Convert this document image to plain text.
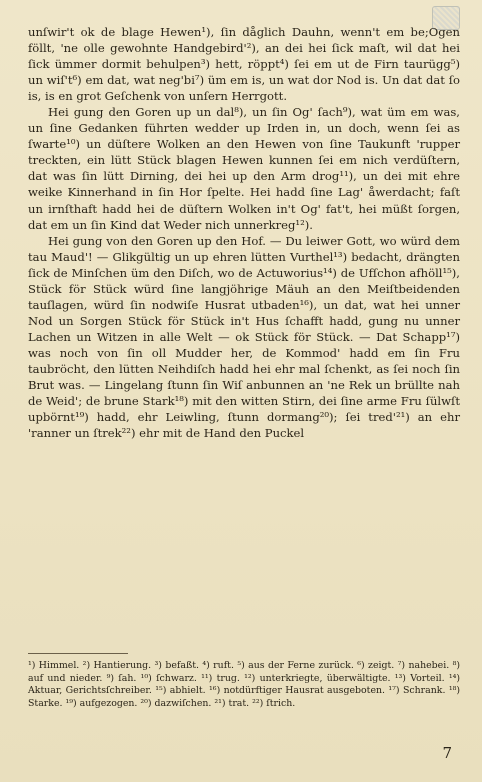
unſwir't ok de blage Hewen¹), ſin dåglich Dauhn, wenn't em be;Ogen föllt, 'ne olle gewohnte Handgebird'²), an dei hei ſick maſt, wil dat hei ſick ümmer dormit behulpen³) hett, röppt⁴) ſei em ut de Firn taurügg⁵) un wiſ't⁶) em dat, wat neg'bi⁷) üm em is, un wat dor Nod is. Un dat dat ſo is, is en grot Geſchenk von unſern Herrgott.

Hei gung den Goren up un dal⁸), un ſin Og' ſach⁹), wat üm em was, un ſine Gedanken führten wedder up Irden in, un doch, wenn ſei as ſwarte¹⁰) un düſtere Wolken an den Hewen von ſine Taukunft 'rupper treckten, ein lütt Stück blagen Hewen kunnen ſei em nich verdüſtern, dat was ſin lütt Dirning, dei hei up den Arm drog¹¹), un dei mit ehre weike Kinnerhand in ſin Hor ſpelte. Hei hadd ſine Lag' åwerdacht; faſt un irnſthaft hadd hei de düſtern Wolken in't Og' fat't, hei müßt ſorgen, dat em un ſin Kind dat Weder nich unnerkreg¹²).

Hei gung von den Goren up den Hof. — Du leiwer Gott, wo würd dem tau Maud'! — Glikgültig un up ehren lütten Vurthel¹³) bedacht, drängten ſick de Minſchen üm den Diſch, wo de Actuworius¹⁴) de Ufſchon afhöll¹⁵), Stück för Stück würd ſine langjöhrige Mäuh an den Meiſtbeidenden tauſlagen, würd ſin nodwiſe Husrat utbaden¹⁶), un dat, wat hei unner Nod un Sorgen Stück för Stück in't Hus ſchafft hadd, gung nu unner Lachen un Witzen in alle Welt — ok Stück för Stück. — Dat Schapp¹⁷) was noch von ſin oll Mudder her, de Kommod' hadd em ſin Fru taubröcht, den lütten Neihdiſch hadd hei ehr mal ſchenkt, as ſei noch ſin Brut was. — Lingelang ſtunn ſin Wiſ anbunnen an 'ne Rek un brüllte nah de Weid'; de brune Stark¹⁸) mit den witten Stirn, dei ſine arme Fru ſülwſt upbörnt¹⁹) hadd, ehr Leiwling, ſtunn dormang²⁰); ſei tred'²¹) an ehr 'ranner un ſtrek²²) ehr mit de Hand den Puckel

¹) Himmel. ²) Hantierung. ³) befaßt. ⁴) ruft. ⁵) aus der Ferne zurück. ⁶) zeigt. ⁷) nahebei. ⁸) auf und nieder. ⁹) ſah. ¹⁰) ſchwarz. ¹¹) trug. ¹²) unterkriegte, überwältigte. ¹³) Vorteil. ¹⁴) Aktuar, Gerichtsſchreiber. ¹⁵) abhielt. ¹⁶) notdürftiger Hausrat ausgeboten. ¹⁷) Schrank. ¹⁸) Starke. ¹⁹) aufgezogen. ²⁰) dazwiſchen. ²¹) trat. ²²) ſtrich.
7
